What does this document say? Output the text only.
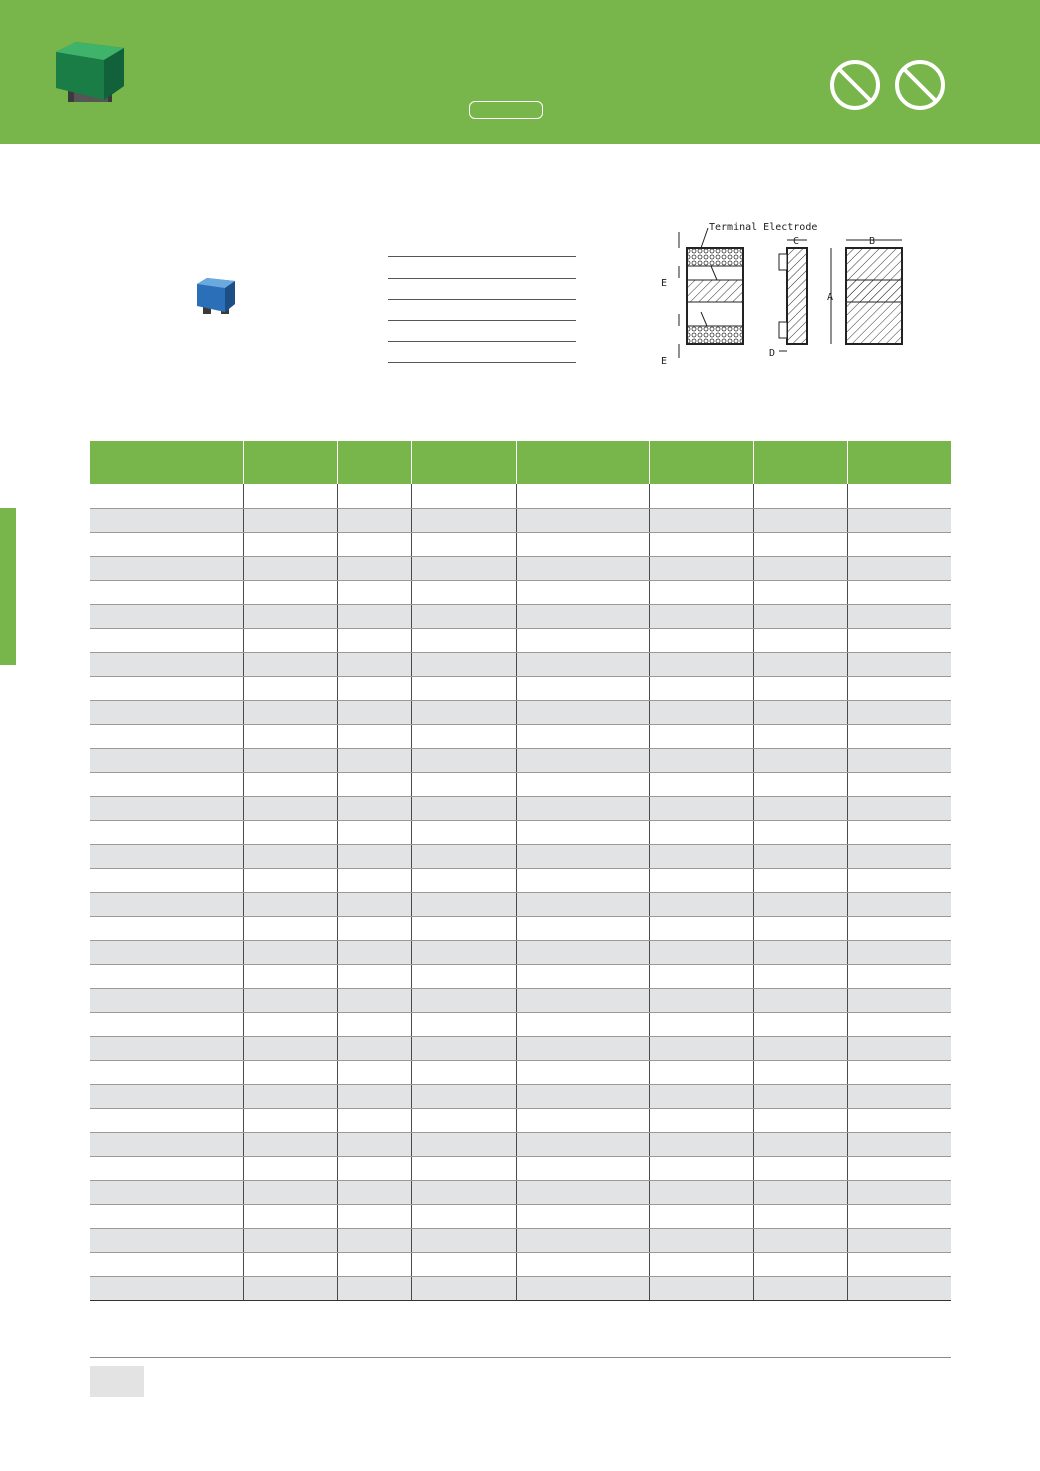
Terminal Electrode
E
E
C
D
A
B
